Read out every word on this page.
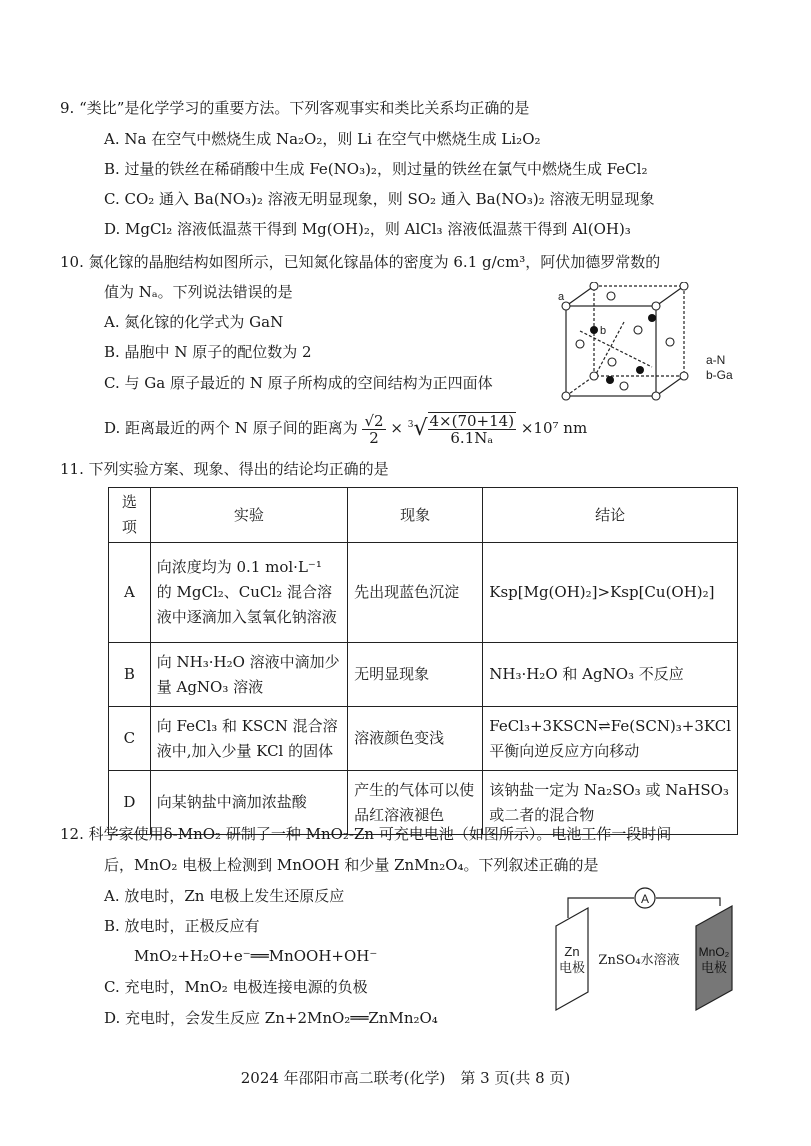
9. “类比”是化学学习的重要方法。下列客观事实和类比关系均正确的是
A. Na 在空气中燃烧生成 Na₂O₂，则 Li 在空气中燃烧生成 Li₂O₂
B. 过量的铁丝在稀硝酸中生成 Fe(NO₃)₂，则过量的铁丝在氯气中燃烧生成 FeCl₂
C. CO₂ 通入 Ba(NO₃)₂ 溶液无明显现象，则 SO₂ 通入 Ba(NO₃)₂ 溶液无明显现象
D. MgCl₂ 溶液低温蒸干得到 Mg(OH)₂，则 AlCl₃ 溶液低温蒸干得到 Al(OH)₃
10. 氮化镓的晶胞结构如图所示，已知氮化镓晶体的密度为 6.1 g/cm³，阿伏加德罗常数的
值为 Nₐ。下列说法错误的是
A. 氮化镓的化学式为 GaN
B. 晶胞中 N 原子的配位数为 2
C. 与 Ga 原子最近的 N 原子所构成的空间结构为正四面体
D. 距离最近的两个 N 原子间的距离为 $\frac{√2}{2} \times ^3√ \frac{4\times(70+14)}{\text{6.1Nₐ}} \times 10^7$ nm
a
b
a-N
b-Ga
11. 下列实验方案、现象、得出的结论均正确的是
选项	实验	现象	结论
A	向浓度均为 0.1 mol·L⁻¹ 的 MgCl₂、CuCl₂ 混合溶液中逐滴加入氢氧化钠溶液	先出现蓝色沉淀	Ksp[Mg(OH)₂]>Ksp[Cu(OH)₂]
B	向 NH₃·H₂O 溶液中滴加少量 AgNO₃ 溶液	无明显现象	NH₃·H₂O 和 AgNO₃ 不反应
C	向 FeCl₃ 和 KSCN 混合溶液中,加入少量 KCl 的固体	溶液颜色变浅	FeCl₃+3KSCN⇌Fe(SCN)₃+3KCl 平衡向逆反应方向移动
D	向某钠盐中滴加浓盐酸	产生的气体可以使品红溶液褪色	该钠盐一定为 Na₂SO₃ 或 NaHSO₃ 或二者的混合物
12. 科学家使用δ-MnO₂ 研制了一种 MnO₂-Zn 可充电电池（如图所示）。电池工作一段时间
后，MnO₂ 电极上检测到 MnOOH 和少量 ZnMn₂O₄。下列叙述正确的是
A. 放电时，Zn 电极上发生还原反应
B. 放电时，正极反应有
MnO₂+H₂O+e⁻══MnOOH+OH⁻
C. 充电时，MnO₂ 电极连接电源的负极
D. 充电时，会发生反应 Zn+2MnO₂══ZnMn₂O₄
A
Zn
电极
ZnSO₄水溶液
MnO₂
电极
2024 年邵阳市高二联考(化学)　第 3 页(共 8 页)
